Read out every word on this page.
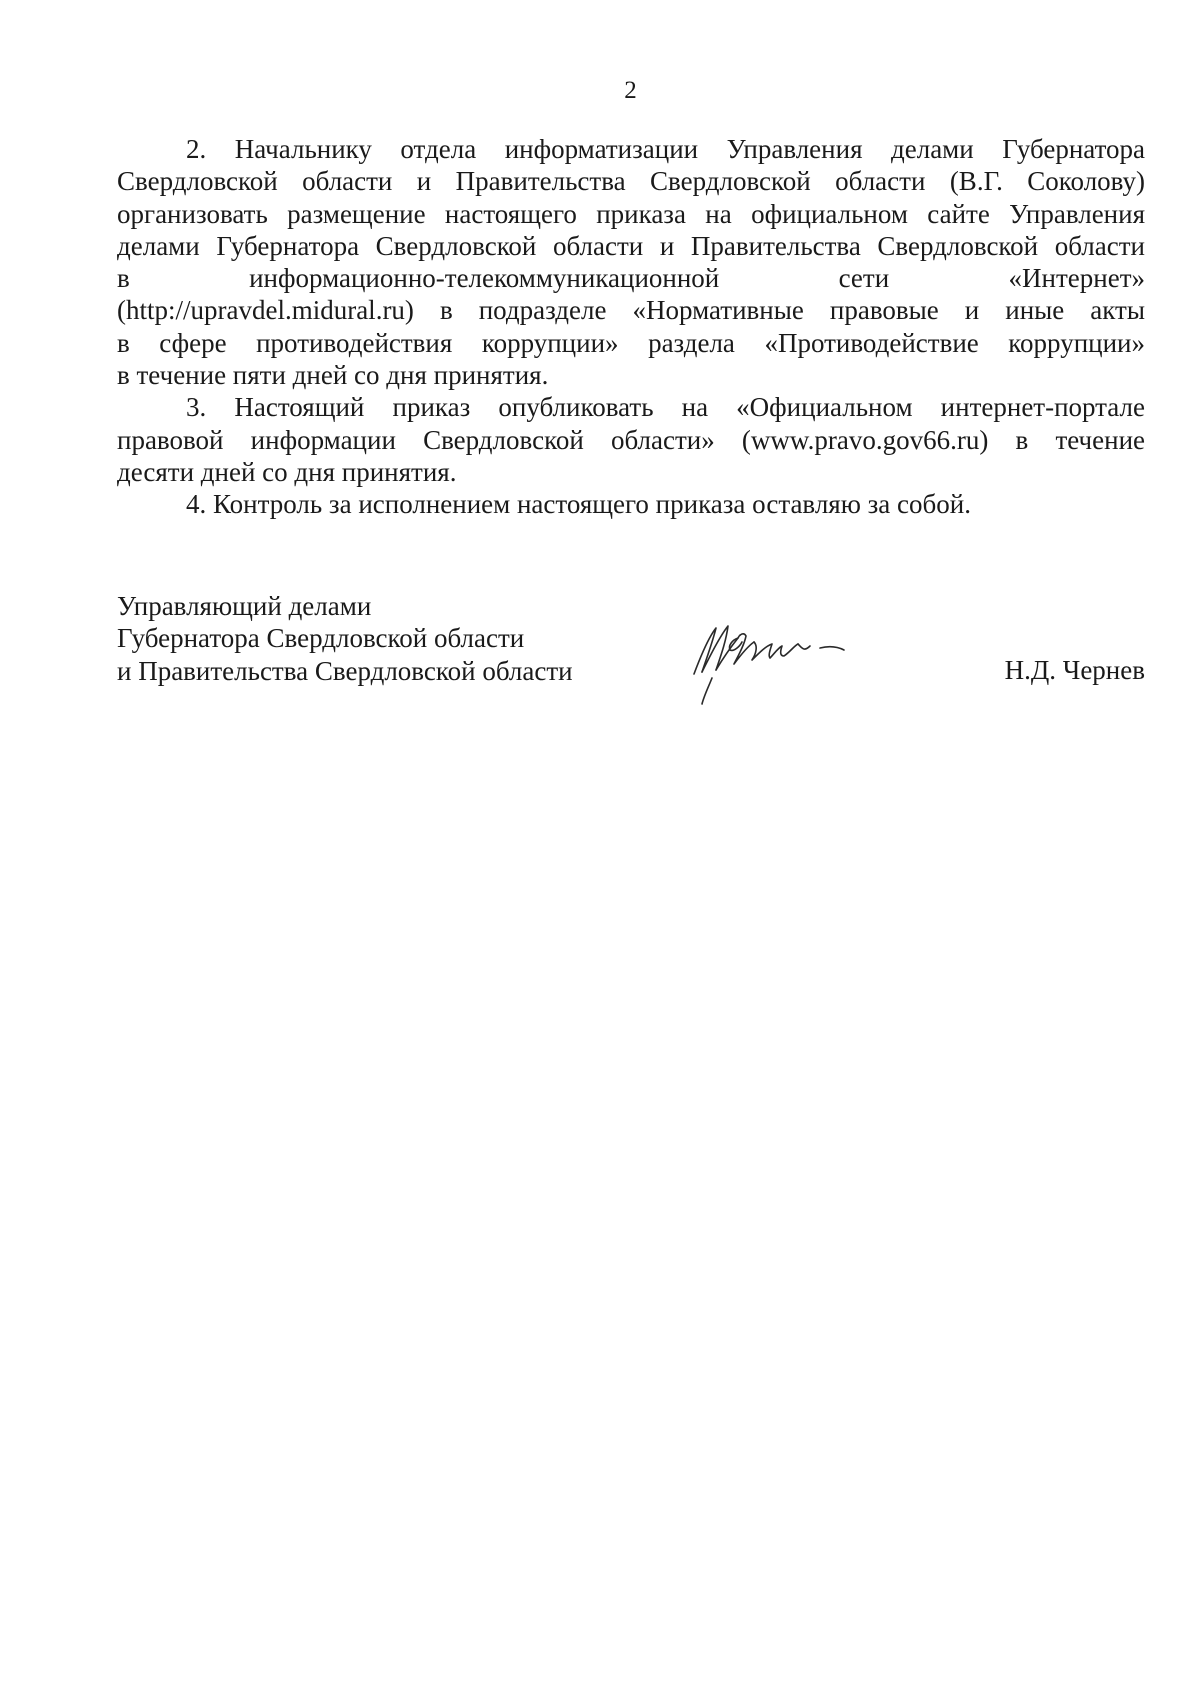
2

2. Начальнику отдела информатизации Управления делами Губернатора
Свердловской области и Правительства Свердловской области (В.Г. Соколову)
организовать размещение настоящего приказа на официальном сайте Управления
делами Губернатора Свердловской области и Правительства Свердловской области
в информационно-телекоммуникационной сети «Интернет»
(http://upravdel.midural.ru) в подразделе «Нормативные правовые и иные акты
в сфере противодействия коррупции» раздела «Противодействие коррупции»
в течение пяти дней со дня принятия.

3. Настоящий приказ опубликовать на «Официальном интернет-портале
правовой информации Свердловской области» (www.pravo.gov66.ru) в течение
десяти дней со дня принятия.

4. Контроль за исполнением настоящего приказа оставляю за собой.

Управляющий делами
Губернатора Свердловской области
и Правительства Свердловской области	Н.Д. Чернев
